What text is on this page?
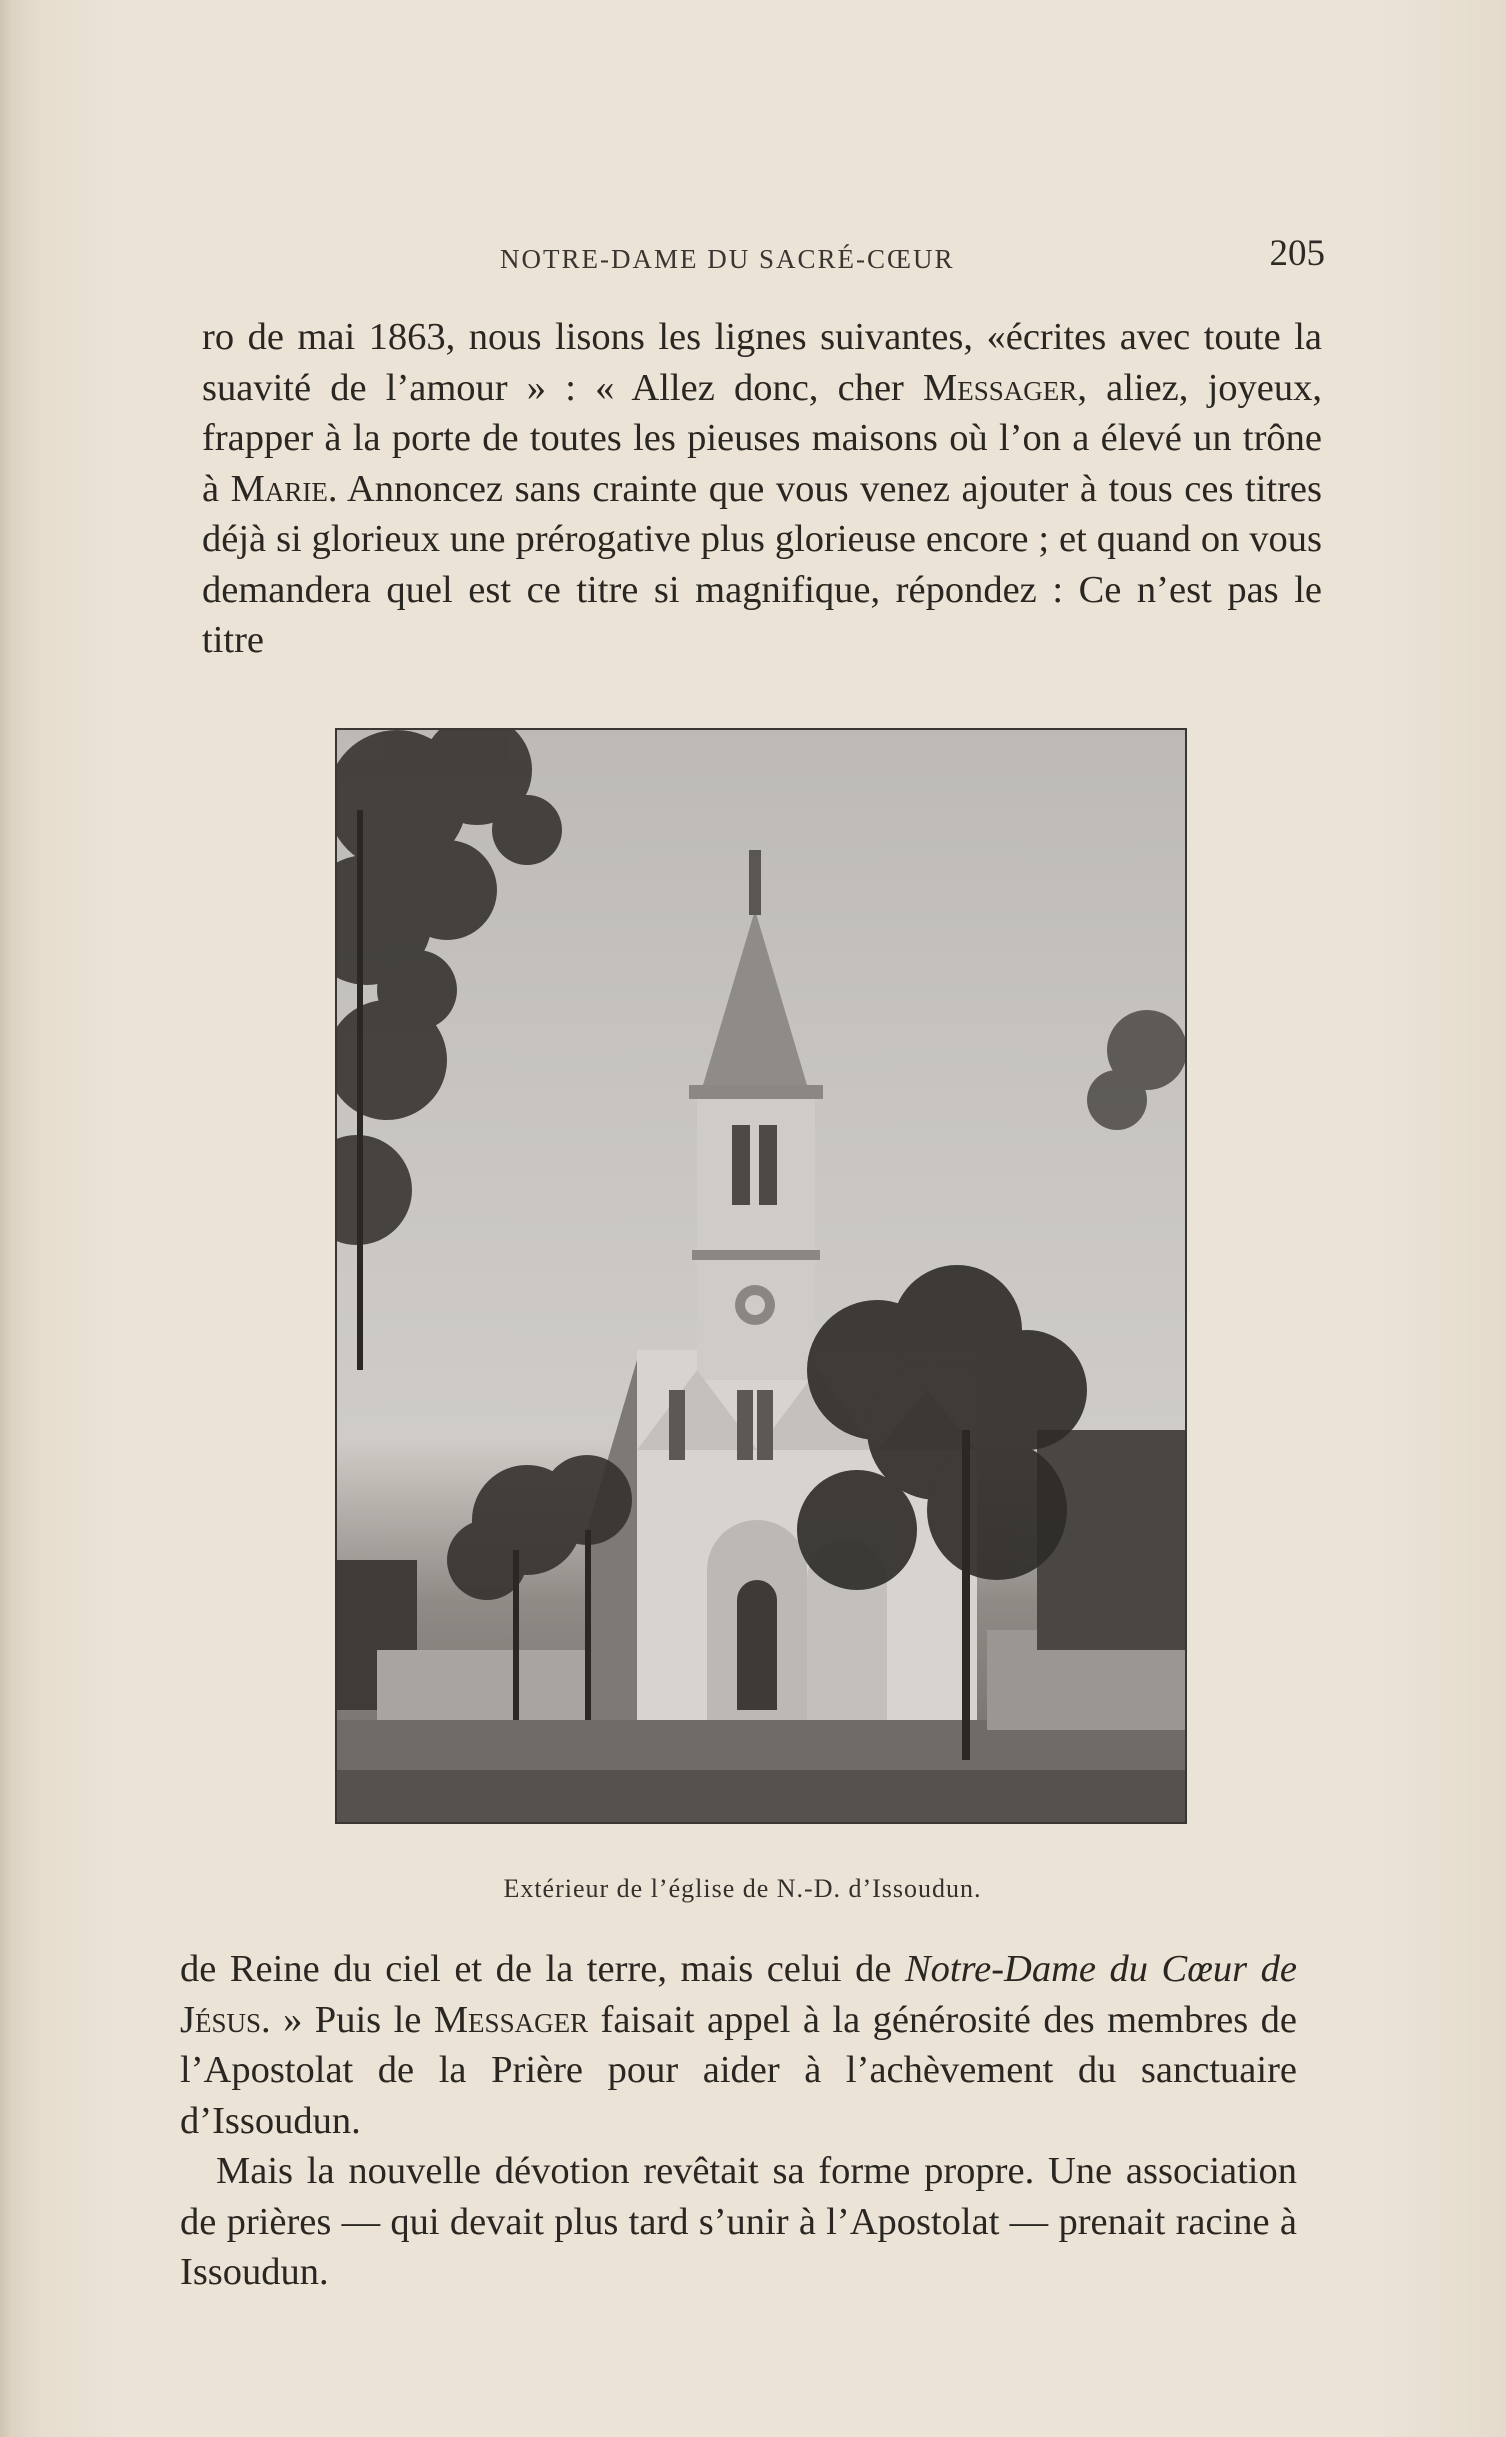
NOTRE-DAME DU SACRÉ-CŒUR	205

ro de mai 1863, nous lisons les lignes suivantes, «écrites avec toute la suavité de l’amour » : « Allez donc, cher Messager, aliez, joyeux, frapper à la porte de toutes les pieuses maisons où l’on a élevé un trône à Marie. Annoncez sans crainte que vous venez ajouter à tous ces titres déjà si glorieux une prérogative plus glorieuse encore ; et quand on vous demandera quel est ce titre si magnifique, répondez : Ce n’est pas le titre

Extérieur de l’église de N.-D. d’Issoudun.

de Reine du ciel et de la terre, mais celui de Notre-Dame du Cœur de Jésus. » Puis le Messager faisait appel à la générosité des membres de l’Apostolat de la Prière pour aider à l’achèvement du sanctuaire d’Issoudun.

Mais la nouvelle dévotion revêtait sa forme propre. Une association de prières — qui devait plus tard s’unir à l’Apostolat — prenait racine à Issoudun.
